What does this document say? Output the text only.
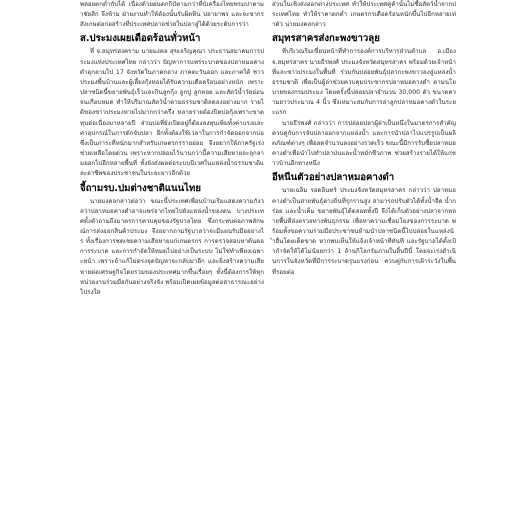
พลอยตกต่ำกับได้ เนื่องด้วยฝนตกกิปัตามกว่าที่บัเครื่องไทยพรมปาตามาชัยสิก จึงข้าม ฝ่ายงานทำให้ต้องนั้นรับผิดทิน ปลายาพร และจะชากรสังเกษต่อก่อสร้างที่ประเทศปลาอช่วยในปลาสู่ได้ด้วยระดับการว่า

ส.ประมงเผยเดือดร้อนทั่วหน้า

ที่ จ.สมุทรสงคราม นายมงคล สุขเจริญคุณา ประธานสมาคมการประมงแห่งประเทศไทย กล่าวว่า ปัญหาการแพร่ระบาดของปลาหมอคางดำลุกลามไป 17 จังหวัดในภาคกลาง ภาคตะวันออก และภาคใต้ ชาวประมงพื้นบ้านและผู้เลี้ยงกุ้งหอยได้รับความเดือดร้อนอย่างหนัก เพราะปลาชนิดนี้ขยายพันธุ์เร็วและกินลูกกุ้ง ลูกปู ลูกหอย และสัตว์น้ำวัยอ่อนจนเกือบหมด ทำให้ปริมาณสัตว์น้ำตามธรรมชาติลดลงอย่างมาก รายได้ของชาวประมงหายไปมากกว่าครึ่ง หลายรายต้องปิดบ่อกุ้งเพราะขาดทุนต่อเนื่องมาหลายปี ส่วนบ่อที่ยังเปิดอยู่ก็ต้องลงทุนเพิ่มทั้งค่าแรงและค่าอุปกรณ์ในการดักจับปลา อีกทั้งต้องใช้เวลาในการกำจัดออกจากบ่อ ซึ่งเป็นภาระที่หนักมากสำหรับเกษตรกรรายย่อย จึงอยากให้ภาครัฐเร่งช่วยเหลือโดยด่วน เพราะหากปล่อยไว้นานกว่านี้ความเสียหายจะลุกลามออกไปอีกหลายพื้นที่ ทั้งยังส่งผลต่อระบบนิเวศในแหล่งน้ำธรรมชาติและอาชีพของประชาชนในระยะยาวอีกด้วย

จี้ถามรบ.ปมต่างชาติแนนไทย

นายมงคลกล่าวต่อว่า ขณะนี้ประเทศเพื่อนบ้านเริ่มแสดงความกังวลว่าปลาหมอคางดำอาจแพร่จากไทยไปยังแหล่งน้ำของตน บางประเทศตั้งคำถามถึงมาตรการควบคุมของรัฐบาลไทย ซึ่งกระทบต่อภาพลักษณ์การส่งออกสินค้าประมง จึงอยากถามรัฐบาลว่าจะมีแผนรับมืออย่างไร ทั้งเรื่องการชดเชยความเสียหายแก่เกษตรกร การตรวจสอบหาต้นตอการระบาด และการกำจัดให้หมดไปอย่างเป็นระบบ ไม่ใช่ทำเพียงเฉพาะหน้า เพราะถ้าแก้ไม่ตรงจุดปัญหาจะกลับมาอีก และยิ่งสร้างความเสียหายต่อเศรษฐกิจโดยรวมของประเทศมากขึ้นเรื่อยๆ ทั้งนี้ต้องการให้ทุกหน่วยงานร่วมมือกันอย่างจริงจัง พร้อมเปิดเผยข้อมูลต่อสาธารณะอย่างโปร่งใส

ส่วนในเชิงส่งออกต่างประเทศ ทำให้ประเทศคู่ค้านั้นไม่ซื้อสัตว์น้ำจากประเทศไทย ทำให้ราคาตกต่ำ เกษตรกรเดือดร้อนหนักขึ้นไปอีกหลายเท่าตัว นายมงคลกล่าว

สมุทรสาครส่งกะพงขาวลุย

ที่บริเวณริมเขื่อนหน้าที่ทำการองค์การบริหารส่วนตำบล อ.เมือง จ.สมุทรสาคร นายธีรพงศ์ ประมงจังหวัดสมุทรสาคร พร้อมด้วยเจ้าหน้าที่และชาวประมงในพื้นที่ ร่วมกันปล่อยพันธุ์ปลากะพงขาวลงสู่แหล่งน้ำธรรมชาติ เพื่อเป็นผู้ล่าช่วยควบคุมประชากรปลาหมอคางดำ ตามนโยบายของกรมประมง โดยครั้งนี้ปล่อยปลาจำนวน 30,000 ตัว ขนาดความยาวประมาณ 4 นิ้ว ซึ่งเหมาะสมกับการล่าลูกปลาหมอคางดำในระยะแรก

นายธีรพงศ์ กล่าวว่า การปล่อยปลาผู้ล่าเป็นหนึ่งในมาตรการสำคัญควบคู่กับการจับปลาออกจากแหล่งน้ำ และการนำปลาไปแปรรูปเป็นผลิตภัณฑ์ต่างๆ เพื่อลดจำนวนลงอย่างรวดเร็ว ขณะนี้มีการรับซื้อปลาหมอคางดำเพื่อนำไปทำปลาป่นและน้ำหมักชีวภาพ ช่วยสร้างรายได้ให้แก่ชาวบ้านอีกทางหนึ่ง

อีหนีนตัวอย่างปลาหมอคางดำ

นายเฉลิม รอดอินทร์ ประมงจังหวัดสมุทรสาคร กล่าวว่า ปลาหมอคางดำเป็นสายพันธุ์ต่างถิ่นที่รุกรานสูง สามารถปรับตัวได้ทั้งน้ำจืด น้ำกร่อย และน้ำเค็ม ขยายพันธุ์ได้ตลอดทั้งปี จึงได้เก็บตัวอย่างปลาจากหลายพื้นที่ส่งตรวจทางพันธุกรรม เพื่อหาความเชื่อมโยงของการระบาด พร้อมทั้งขอความร่วมมือประชาชนห้ามนำปลาชนิดนี้ไปปล่อยในแหล่งน้ำอื่นโดยเด็ดขาด หากพบเห็นให้แจ้งเจ้าหน้าที่ทันที และรัฐบาลได้ตั้งเป้ากำจัดให้ได้ไม่น้อยกว่า 1 ล้านกิโลกรัมภายในสิ้นปีนี้ โดยจะเร่งดำเนินการในจังหวัดที่มีการระบาดรุนแรงก่อน ควบคู่กับการเฝ้าระวังในพื้นที่รอยต่อ
